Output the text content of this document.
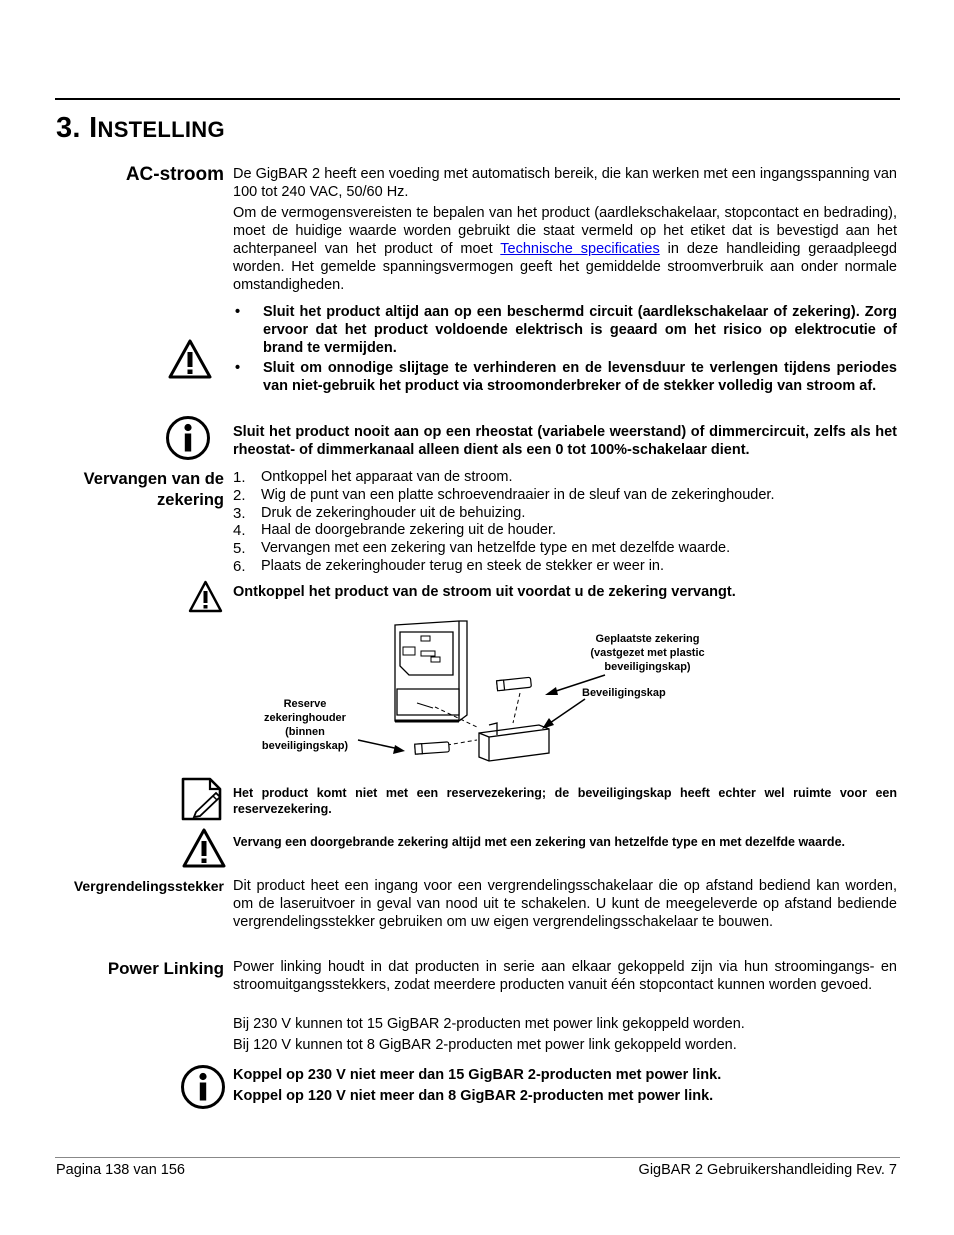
3. INSTELLING
AC-stroom De GigBAR 2 heeft een voeding met automatisch bereik, die kan werken met een ingangsspanning van 100 tot 240 VAC, 50/60 Hz.
Om de vermogensvereisten te bepalen van het product (aardlekschakelaar, stopcontact en bedrading), moet de huidige waarde worden gebruikt die staat vermeld op het etiket dat is bevestigd aan het achterpaneel van het product of moet Technische specificaties in deze handleiding geraadpleegd worden. Het gemelde spanningsvermogen geeft het gemiddelde stroomverbruik aan onder normale omstandigheden.
• Sluit het product altijd aan op een beschermd circuit (aardlekschakelaar of zekering). Zorg ervoor dat het product voldoende elektrisch is geaard om het risico op elektrocutie of brand te vermijden.
• Sluit om onnodige slijtage te verhinderen en de levensduur te verlengen tijdens periodes van niet-gebruik het product via stroomonderbreker of de stekker volledig van stroom af.
Sluit het product nooit aan op een rheostat (variabele weerstand) of dimmercircuit, zelfs als het rheostat- of dimmerkanaal alleen dient als een 0 tot 100%-schakelaar dient.
Vervangen van de
zekering
1. Ontkoppel het apparaat van de stroom.
2. Wig de punt van een platte schroevendraaier in de sleuf van de zekeringhouder.
3. Druk de zekeringhouder uit de behuizing.
4. Haal de doorgebrande zekering uit de houder.
5. Vervangen met een zekering van hetzelfde type en met dezelfde waarde.
6. Plaats de zekeringhouder terug en steek de stekker er weer in.
Ontkoppel het product van de stroom uit voordat u de zekering vervangt.
Geplaatste zekering
(vastgezet met plastic
beveiligingskap)
Beveiligingskap
Reserve
zekeringhouder
(binnen
beveiligingskap)
Het product komt niet met een reservezekering; de beveiligingskap heeft echter wel ruimte voor een reservezekering.
Vervang een doorgebrande zekering altijd met een zekering van hetzelfde type en met dezelfde waarde.
Vergrendelingsstekker Dit product heet een ingang voor een vergrendelingsschakelaar die op afstand bediend kan worden, om de laseruitvoer in geval van nood uit te schakelen. U kunt de meegeleverde op afstand bediende vergrendelingsstekker gebruiken om uw eigen vergrendelingsschakelaar te bouwen.
Power Linking Power linking houdt in dat producten in serie aan elkaar gekoppeld zijn via hun stroomingangs- en stroomuitgangsstekkers, zodat meerdere producten vanuit één stopcontact kunnen worden gevoed.
Bij 230 V kunnen tot 15 GigBAR 2-producten met power link gekoppeld worden.
Bij 120 V kunnen tot 8 GigBAR 2-producten met power link gekoppeld worden.
Koppel op 230 V niet meer dan 15 GigBAR 2-producten met power link.
Koppel op 120 V niet meer dan 8 GigBAR 2-producten met power link.
Pagina 138 van 156	GigBAR 2 Gebruikershandleiding Rev. 7
